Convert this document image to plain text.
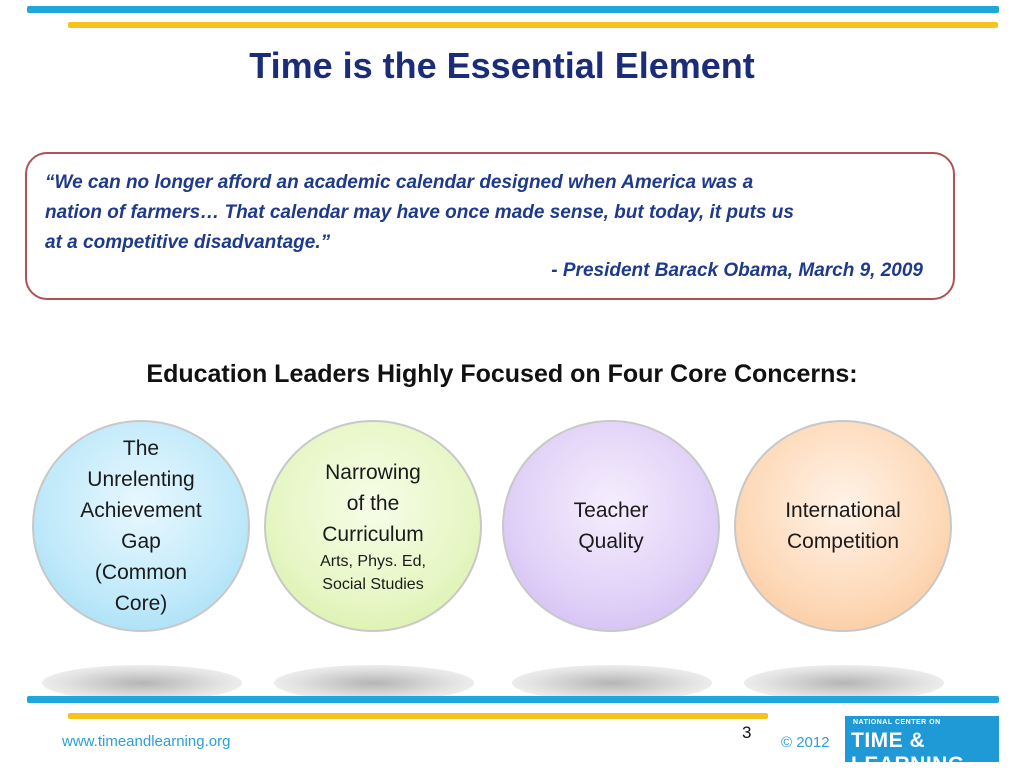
Time is the Essential Element
“We can no longer afford an academic calendar designed when America was a
nation of farmers… That calendar may have once made sense, but today, it puts us
at a competitive disadvantage.”
- President Barack Obama, March 9, 2009
Education Leaders Highly Focused on Four Core Concerns:
The
Unrelenting
Achievement
Gap
(Common
Core)
Narrowing
of the
Curriculum
Arts, Phys. Ed,
Social Studies
Teacher
Quality
International
Competition
www.timeandlearning.org	3
© 2012
NATIONAL CENTER ON
TIME & LEARNING
